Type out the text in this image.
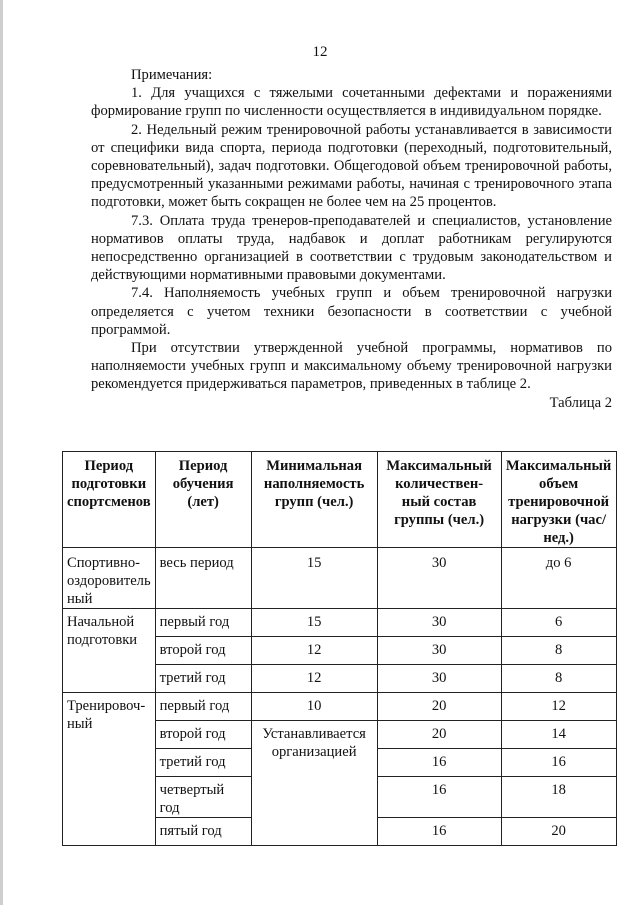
12

Примечания:

1. Для учащихся с тяжелыми сочетанными дефектами и поражениями формирование групп по численности осуществляется в индивидуальном порядке.

2. Недельный режим тренировочной работы устанавливается в зависимости от специфики вида спорта, периода подготовки (переходный, подготовительный, соревновательный), задач подготовки. Общегодовой объем тренировочной работы, предусмотренный указанными режимами работы, начиная с тренировочного этапа подготовки, может быть сокращен не более чем на 25 процентов.

7.3. Оплата труда тренеров-преподавателей и специалистов, установление нормативов оплаты труда, надбавок и доплат работникам регулируются непосредственно организацией в соответствии с трудовым законодательством и действующими нормативными правовыми документами.

7.4. Наполняемость учебных групп и объем тренировочной нагрузки определяется с учетом техники безопасности в соответствии с учебной программой.

При отсутствии утвержденной учебной программы, нормативов по наполняемости учебных групп и максимальному объему тренировочной нагрузки рекомендуется придерживаться параметров, приведенных в таблице 2.

Таблица 2

Период подготовки спортсменов	Период обучения (лет)	Минимальная наполняемость групп (чел.)	Максимальный количествен-ный состав группы (чел.)	Максимальный объем тренировочной нагрузки (час/нед.)
Спортивно-оздоровитель ный	весь период	15	30	до 6
Начальной подготовки	первый год	15	30	6
	второй год	12	30	8
	третий год	12	30	8
Тренировоч-ный	первый год	10	20	12
	второй год	Устанавливается организацией	20	14
	третий год		16	16
	четвертый год		16	18
	пятый год		16	20
